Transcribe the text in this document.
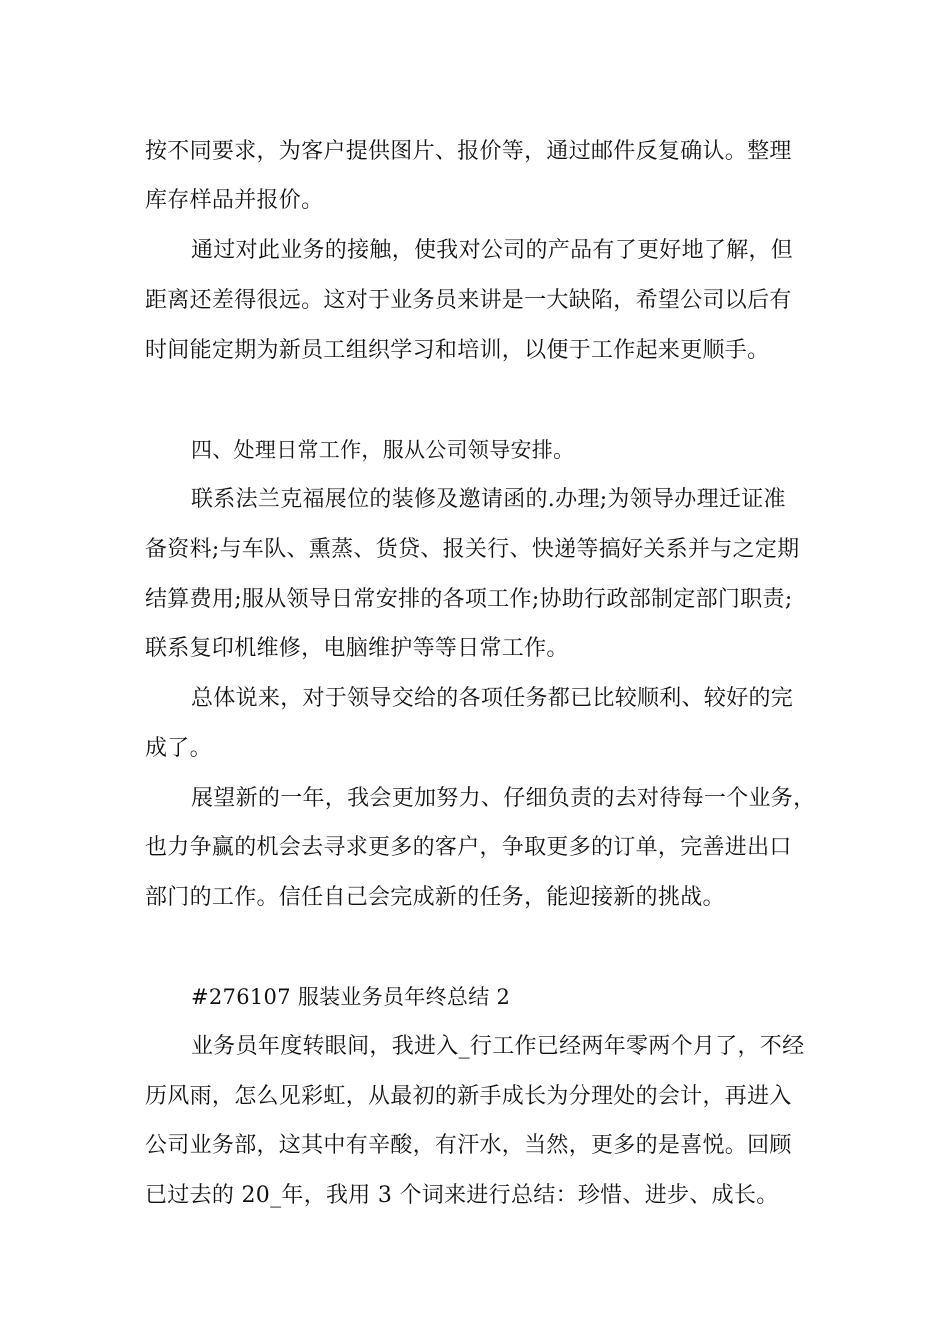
按不同要求，为客户提供图片、报价等，通过邮件反复确认。整理

库存样品并报价。

通过对此业务的接触，使我对公司的产品有了更好地了解，但

距离还差得很远。这对于业务员来讲是一大缺陷，希望公司以后有

时间能定期为新员工组织学习和培训，以便于工作起来更顺手。

四、处理日常工作，服从公司领导安排。

联系法兰克福展位的装修及邀请函的.办理;为领导办理迁证准

备资料;与车队、熏蒸、货贷、报关行、快递等搞好关系并与之定期

结算费用;服从领导日常安排的各项工作;协助行政部制定部门职责;

联系复印机维修，电脑维护等等日常工作。

总体说来，对于领导交给的各项任务都已比较顺利、较好的完

成了。

展望新的一年，我会更加努力、仔细负责的去对待每一个业务，

也力争赢的机会去寻求更多的客户，争取更多的订单，完善进出口

部门的工作。信任自己会完成新的任务，能迎接新的挑战。

#276107 服装业务员年终总结 2

业务员年度转眼间，我进入_行工作已经两年零两个月了，不经

历风雨，怎么见彩虹，从最初的新手成长为分理处的会计，再进入

公司业务部，这其中有辛酸，有汗水，当然，更多的是喜悦。回顾

已过去的 20_年，我用 3 个词来进行总结：珍惜、进步、成长。
